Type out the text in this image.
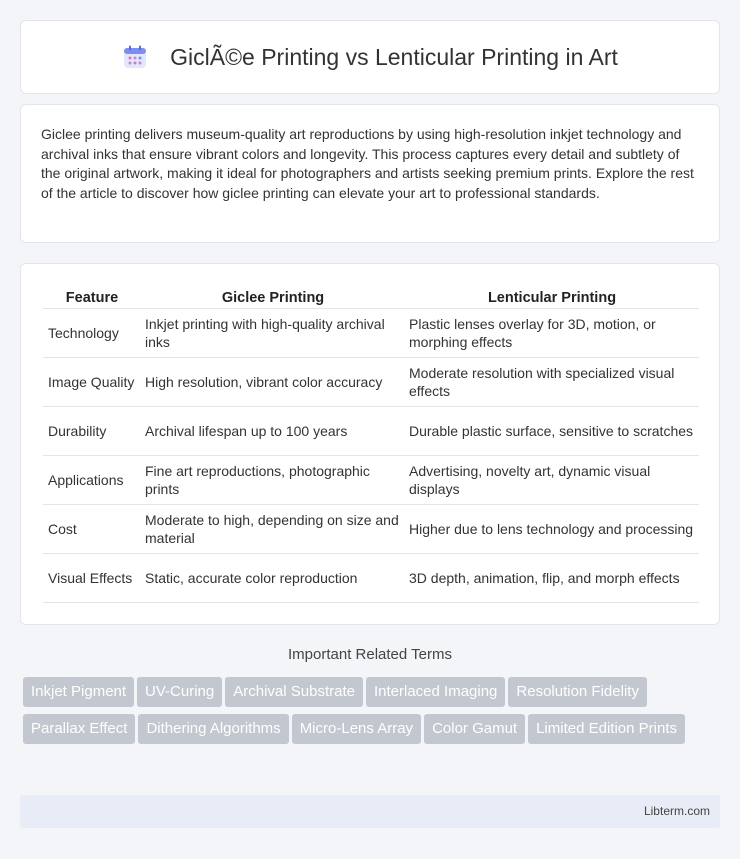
GiclÃ©e Printing vs Lenticular Printing in Art

Giclee printing delivers museum-quality art reproductions by using high-resolution inkjet technology and archival inks that ensure vibrant colors and longevity. This process captures every detail and subtlety of the original artwork, making it ideal for photographers and artists seeking premium prints. Explore the rest of the article to discover how giclee printing can elevate your art to professional standards.

Feature	Giclee Printing	Lenticular Printing
Technology	Inkjet printing with high-quality archival inks	Plastic lenses overlay for 3D, motion, or morphing effects
Image Quality	High resolution, vibrant color accuracy	Moderate resolution with specialized visual effects
Durability	Archival lifespan up to 100 years	Durable plastic surface, sensitive to scratches
Applications	Fine art reproductions, photographic prints	Advertising, novelty art, dynamic visual displays
Cost	Moderate to high, depending on size and material	Higher due to lens technology and processing
Visual Effects	Static, accurate color reproduction	3D depth, animation, flip, and morph effects
Important Related Terms
Inkjet Pigment UV-Curing Archival Substrate Interlaced Imaging Resolution FidelityParallax Effect Dithering Algorithms Micro-Lens Array Color Gamut Limited Edition Prints
Libterm.com
